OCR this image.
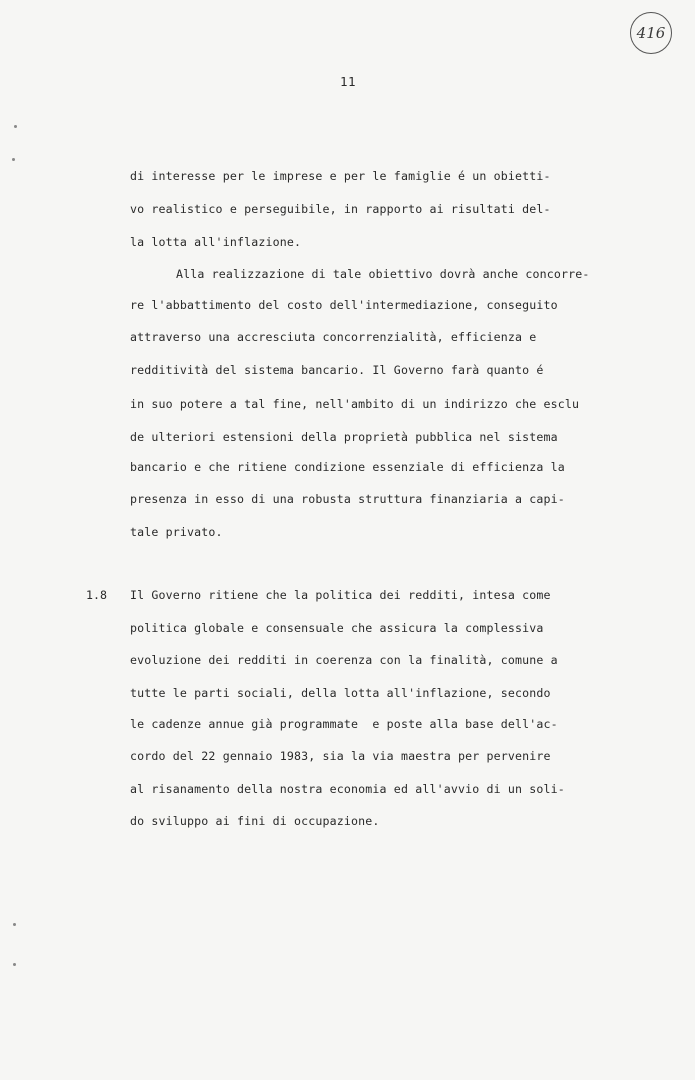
416
11
di interesse per le imprese e per le famiglie é un obietti-
vo realistico e perseguibile, in rapporto ai risultati del-
la lotta all'inflazione.
Alla realizzazione di tale obiettivo dovrà anche concorre-
re l'abbattimento del costo dell'intermediazione, conseguito
attraverso una accresciuta concorrenzialità, efficienza e
redditività del sistema bancario. Il Governo farà quanto é
in suo potere a tal fine, nell'ambito di un indirizzo che esclu
de ulteriori estensioni della proprietà pubblica nel sistema
bancario e che ritiene condizione essenziale di efficienza la
presenza in esso di una robusta struttura finanziaria a capi-
tale privato.
1.8 Il Governo ritiene che la politica dei redditi, intesa come
politica globale e consensuale che assicura la complessiva
evoluzione dei redditi in coerenza con la finalità, comune a
tutte le parti sociali, della lotta all'inflazione, secondo
le cadenze annue già programmate  e poste alla base dell'ac-
cordo del 22 gennaio 1983, sia la via maestra per pervenire
al risanamento della nostra economia ed all'avvio di un soli-
do sviluppo ai fini di occupazione.
